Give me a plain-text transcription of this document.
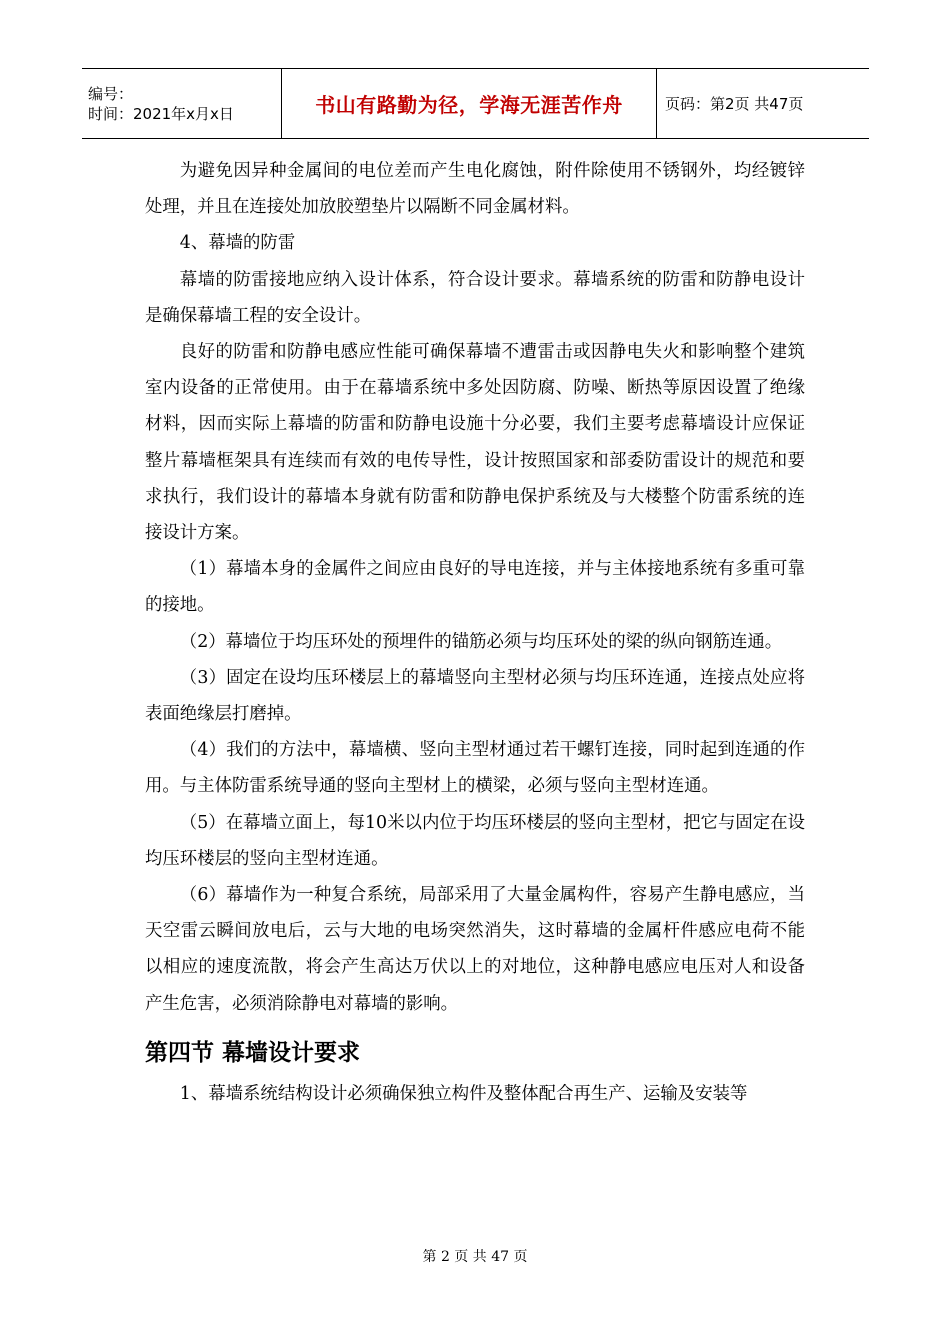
编号：
时间：2021年x月x日	书山有路勤为径，学海无涯苦作舟	页码：第2页 共47页

为避免因异种金属间的电位差而产生电化腐蚀，附件除使用不锈钢外，均经镀锌处理，并且在连接处加放胶塑垫片以隔断不同金属材料。

4、幕墙的防雷

幕墙的防雷接地应纳入设计体系，符合设计要求。幕墙系统的防雷和防静电设计是确保幕墙工程的安全设计。

良好的防雷和防静电感应性能可确保幕墙不遭雷击或因静电失火和影响整个建筑室内设备的正常使用。由于在幕墙系统中多处因防腐、防噪、断热等原因设置了绝缘材料，因而实际上幕墙的防雷和防静电设施十分必要，我们主要考虑幕墙设计应保证整片幕墙框架具有连续而有效的电传导性，设计按照国家和部委防雷设计的规范和要求执行，我们设计的幕墙本身就有防雷和防静电保护系统及与大楼整个防雷系统的连接设计方案。

（1）幕墙本身的金属件之间应由良好的导电连接，并与主体接地系统有多重可靠的接地。

（2）幕墙位于均压环处的预埋件的锚筋必须与均压环处的梁的纵向钢筋连通。

（3）固定在设均压环楼层上的幕墙竖向主型材必须与均压环连通，连接点处应将表面绝缘层打磨掉。

（4）我们的方法中，幕墙横、竖向主型材通过若干螺钉连接，同时起到连通的作用。与主体防雷系统导通的竖向主型材上的横梁，必须与竖向主型材连通。

（5）在幕墙立面上，每10米以内位于均压环楼层的竖向主型材，把它与固定在设均压环楼层的竖向主型材连通。

（6）幕墙作为一种复合系统，局部采用了大量金属构件，容易产生静电感应，当天空雷云瞬间放电后，云与大地的电场突然消失，这时幕墙的金属杆件感应电荷不能以相应的速度流散，将会产生高达万伏以上的对地位，这种静电感应电压对人和设备产生危害，必须消除静电对幕墙的影响。

第四节 幕墙设计要求

1、幕墙系统结构设计必须确保独立构件及整体配合再生产、运输及安装等

第 2 页 共 47 页
